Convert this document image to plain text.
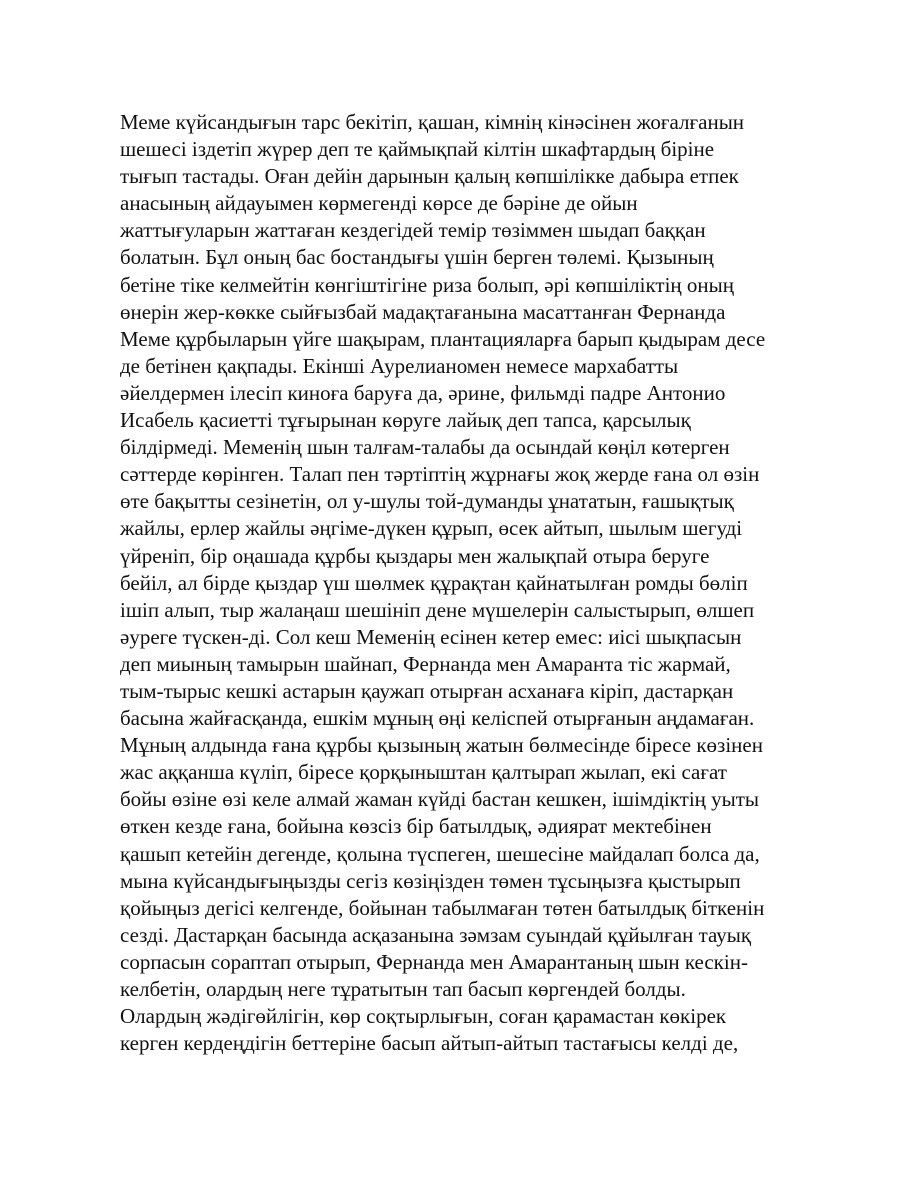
Меме күйсандығын тарс бекітіп, қашан, кімнің кінәсінен жоғалғанын
шешесі іздетіп жүрер деп те қаймықпай кілтін шкафтардың біріне
тығып тастады. Оған дейін дарынын қалың көпшілікке дабыра етпек
анасының айдауымен көрмегенді көрсе де бәріне де ойын
жаттығуларын жаттаған кездегідей темір төзіммен шыдап баққан
болатын. Бұл оның бас бостандығы үшін берген төлемі. Қызының
бетіне тіке келмейтін көнгіштігіне риза болып, әрі көпшіліктің оның
өнерін жер-көкке сыйғызбай мадақтағанына масаттанған Фернанда
Меме құрбыларын үйге шақырам, плантацияларға барып қыдырам десе
де бетінен қақпады. Екінші Аурелианомен немесе мархабатты
әйелдермен ілесіп киноға баруға да, әрине, фильмді падре Антонио
Исабель қасиетті тұғырынан көруге лайық деп тапса, қарсылық
білдірмеді. Меменің шын талғам-талабы да осындай көңіл көтерген
сәттерде көрінген. Талап пен тәртіптің жұрнағы жоқ жерде ғана ол өзін
өте бақытты сезінетін, ол у-шулы той-думанды ұнататын, ғашықтық
жайлы, ерлер жайлы әңгіме-дүкен құрып, өсек айтып, шылым шегуді
үйреніп, бір оңашада құрбы қыздары мен жалықпай отыра беруге
бейіл, ал бірде қыздар үш шөлмек құрақтан қайнатылған ромды бөліп
ішіп алып, тыр жалаңаш шешініп дене мүшелерін салыстырып, өлшеп
әуреге түскен-ді. Сол кеш Меменің есінен кетер емес: иісі шықпасын
деп миының тамырын шайнап, Фернанда мен Амаранта тіс жармай,
тым-тырыс кешкі астарын қаужап отырған асханаға кіріп, дастарқан
басына жайғасқанда, ешкім мұның өңі келіспей отырғанын аңдамаған.
Мұның алдында ғана құрбы қызының жатын бөлмесінде біресе көзінен
жас аққанша күліп, біресе қорқыныштан қалтырап жылап, екі сағат
бойы өзіне өзі келе алмай жаман күйді бастан кешкен, ішімдіктің уыты
өткен кезде ғана, бойына көзсіз бір батылдық, әдиярат мектебінен
қашып кетейін дегенде, қолына түспеген, шешесіне майдалап болса да,
мына күйсандығыңызды сегіз көзіңізден төмен тұсыңызға қыстырып
қойыңыз дегісі келгенде, бойынан табылмаған төтен батылдық біткенін
сезді. Дастарқан басында асқазанына зәмзам суындай құйылған тауық
сорпасын сораптап отырып, Фернанда мен Амарантаның шын кескін-
келбетін, олардың неге тұратытын тап басып көргендей болды.
Олардың жәдігөйлігін, көр соқтырлығын, соған қарамастан көкірек
керген кердеңдігін беттеріне басып айтып-айтып тастағысы келді де,
